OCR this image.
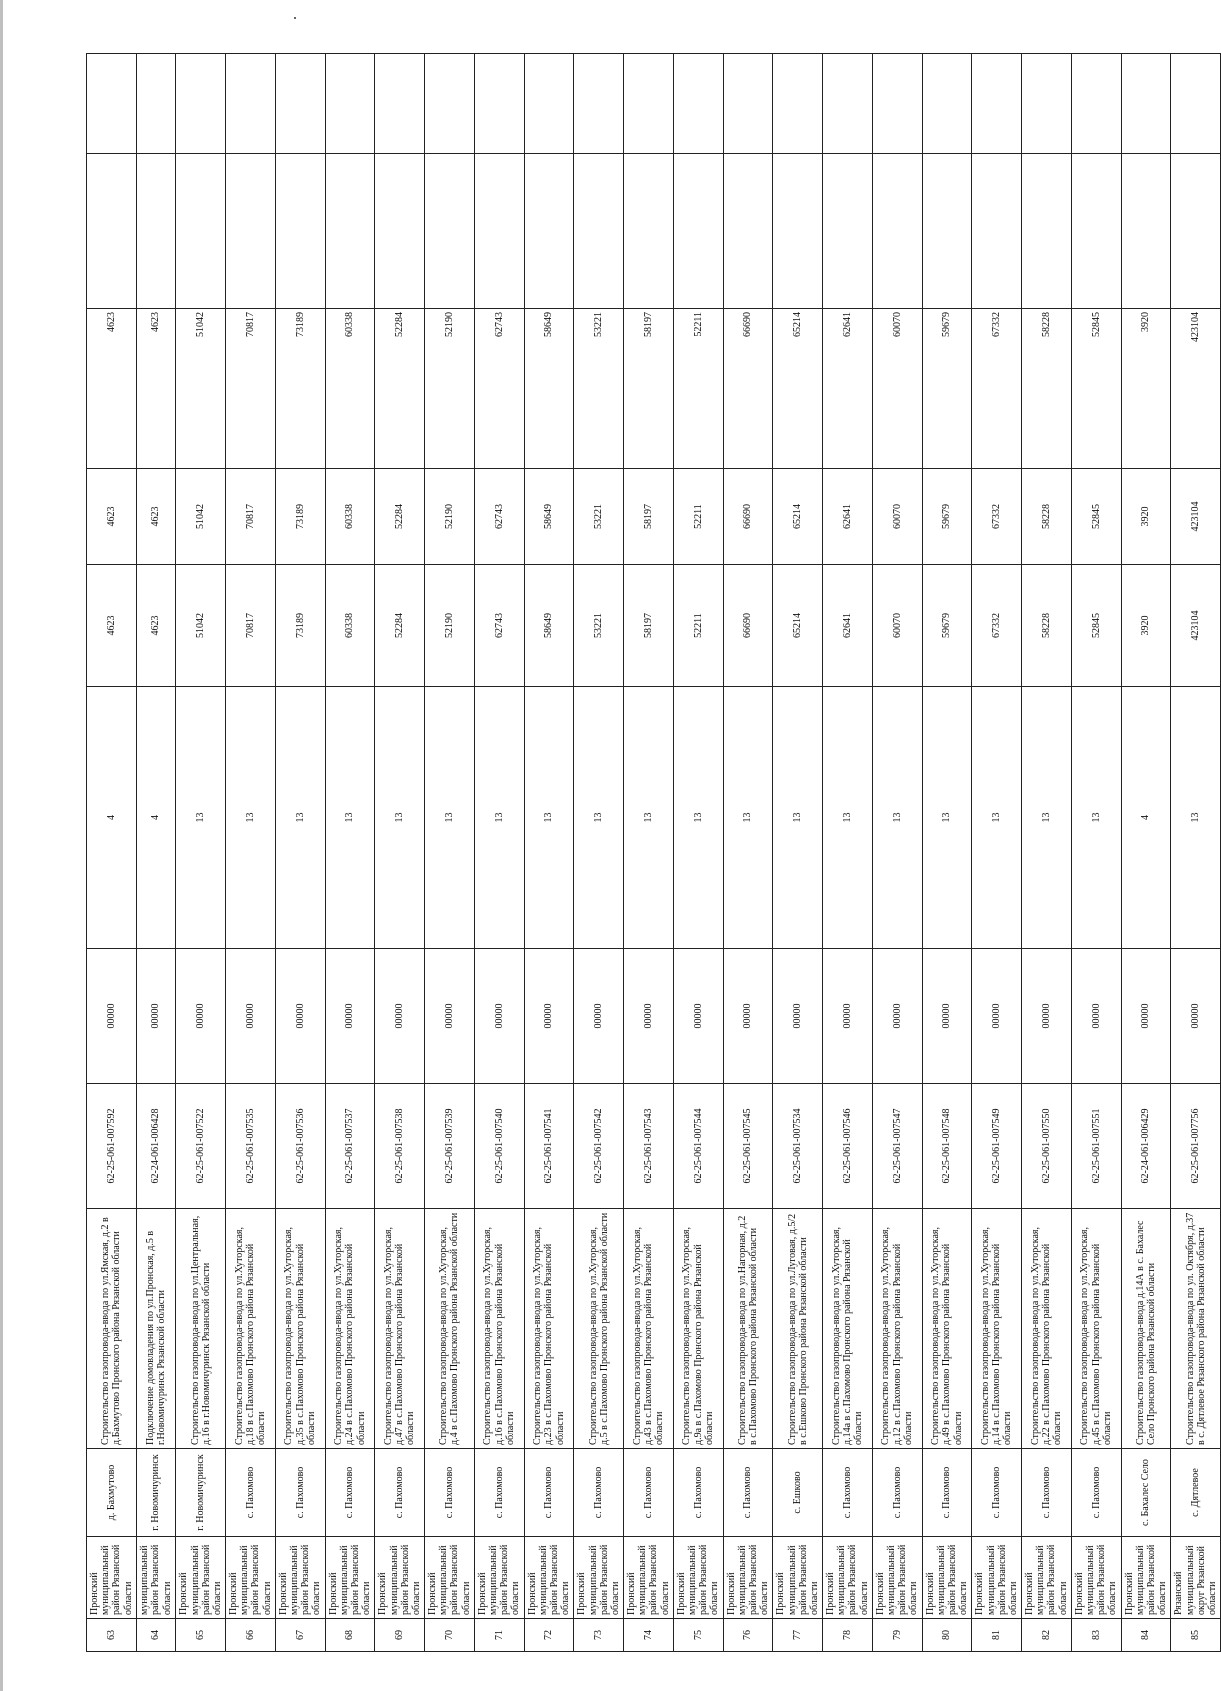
63	Пронский муниципальный район Рязанской области	д. Бахмутово	Строительство газопровода-ввода по ул.Ямская, д.2 в д.Бахмутово Пронского района Рязанской области	62-25-061-007592	00000	4	4623	4623	4623		
64	муниципальный район Рязанской области	г. Новомичуринск	Подключение домовладения по ул.Пронская, д.5 в г.Новомичуринск Рязанской области	62-24-061-006428	00000	4	4623	4623	4623		
65	Пронский муниципальный район Рязанской области	г. Новомичуринск	Строительство газопровода-ввода по ул.Центральная, д.16 в г.Новомичуринск Рязанской области	62-25-061-007522	00000	13	51042	51042	51042		
66	Пронский муниципальный район Рязанской области	с. Пахомово	Строительство газопровода-ввода по ул.Хуторская, д.18 в с.Пахомово Пронского района Рязанской области	62-25-061-007535	00000	13	70817	70817	70817		
67	Пронский муниципальный район Рязанской области	с. Пахомово	Строительство газопровода-ввода по ул.Хуторская, д.35 в с.Пахомово Пронского района Рязанской области	62-25-061-007536	00000	13	73189	73189	73189		
68	Пронский муниципальный район Рязанской области	с. Пахомово	Строительство газопровода-ввода по ул.Хуторская, д.24 в с.Пахомово Пронского района Рязанской области	62-25-061-007537	00000	13	60338	60338	60338		
69	Пронский муниципальный район Рязанской области	с. Пахомово	Строительство газопровода-ввода по ул.Хуторская, д.47 в с.Пахомово Пронского района Рязанской области	62-25-061-007538	00000	13	52284	52284	52284		
70	Пронский муниципальный район Рязанской области	с. Пахомово	Строительство газопровода-ввода по ул.Хуторская, д.4 в с.Пахомово Пронского района Рязанской области	62-25-061-007539	00000	13	52190	52190	52190		
71	Пронский муниципальный район Рязанской области	с. Пахомово	Строительство газопровода-ввода по ул.Хуторская, д.16 в с.Пахомово Пронского района Рязанской области	62-25-061-007540	00000	13	62743	62743	62743		
72	Пронский муниципальный район Рязанской области	с. Пахомово	Строительство газопровода-ввода по ул.Хуторская, д.23 в с.Пахомово Пронского района Рязанской области	62-25-061-007541	00000	13	58649	58649	58649		
73	Пронский муниципальный район Рязанской области	с. Пахомово	Строительство газопровода-ввода по ул.Хуторская, д.5 в с.Пахомово Пронского района Рязанской области	62-25-061-007542	00000	13	53221	53221	53221		
74	Пронский муниципальный район Рязанской области	с. Пахомово	Строительство газопровода-ввода по ул.Хуторская, д.43 в с.Пахомово Пронского района Рязанской области	62-25-061-007543	00000	13	58197	58197	58197		
75	Пронский муниципальный район Рязанской области	с. Пахомово	Строительство газопровода-ввода по ул.Хуторская, д.9а в с.Пахомово Пронского района Рязанской области	62-25-061-007544	00000	13	52211	52211	52211		
76	Пронский муниципальный район Рязанской области	с. Пахомово	Строительство газопровода-ввода по ул.Нагорная, д.2 в с.Пахомово Пронского района Рязанской области	62-25-061-007545	00000	13	66690	66690	66690		
77	Пронский муниципальный район Рязанской области	с. Ешково	Строительство газопровода-ввода по ул.Луговая, д.5/2 в с.Ешково Пронского района Рязанской области	62-25-061-007534	00000	13	65214	65214	65214		
78	Пронский муниципальный район Рязанской области	с. Пахомово	Строительство газопровода-ввода по ул.Хуторская, д.14а в с.Пахомово Пронского района Рязанской области	62-25-061-007546	00000	13	62641	62641	62641		
79	Пронский муниципальный район Рязанской области	с. Пахомово	Строительство газопровода-ввода по ул.Хуторская, д.12 в с.Пахомово Пронского района Рязанской области	62-25-061-007547	00000	13	60070	60070	60070		
80	Пронский муниципальный район Рязанской области	с. Пахомово	Строительство газопровода-ввода по ул.Хуторская, д.49 в с.Пахомово Пронского района Рязанской области	62-25-061-007548	00000	13	59679	59679	59679		
81	Пронский муниципальный район Рязанской области	с. Пахомово	Строительство газопровода-ввода по ул.Хуторская, д.14 в с.Пахомово Пронского района Рязанской области	62-25-061-007549	00000	13	67332	67332	67332		
82	Пронский муниципальный район Рязанской области	с. Пахомово	Строительство газопровода-ввода по ул.Хуторская, д.22 в с.Пахомово Пронского района Рязанской области	62-25-061-007550	00000	13	58228	58228	58228		
83	Пронский муниципальный район Рязанской области	с. Пахомово	Строительство газопровода-ввода по ул.Хуторская, д.45 в с.Пахомово Пронского района Рязанской области	62-25-061-007551	00000	13	52845	52845	52845		
84	Пронский муниципальный район Рязанской области	с. Бахалес Село	Строительство газопровода-ввода д.14А в с. Бахалес Село Пронского района Рязанской области	62-24-061-006429	00000	4	3920	3920	3920		
85	Рязанский муниципальный округ Рязанской области	с. Дятлевое	Строительство газопровода-ввода по ул. Октября, д.37 в с. Дятлевое Рязанского района Рязанской области	62-25-061-007756	00000	13	423104	423104	423104		
